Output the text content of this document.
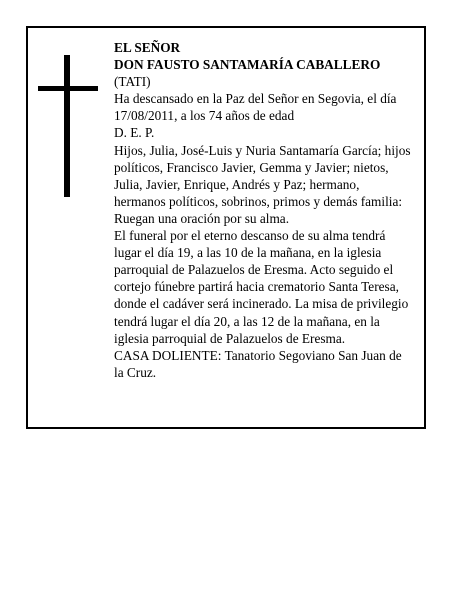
EL SEÑOR

DON FAUSTO SANTAMARÍA CABALLERO

(TATI)

Ha descansado en la Paz del Señor en Segovia, el día 17/08/2011, a los 74 años de edad

D. E. P.

Hijos, Julia, José-Luis y Nuria Santamaría García; hijos políticos, Francisco Javier, Gemma y Javier; nietos, Julia, Javier, Enrique, Andrés y Paz; hermano, hermanos políticos, sobrinos, primos y demás familia:

Ruegan una oración por su alma.

El funeral por el eterno descanso de su alma tendrá lugar el día 19, a las 10 de la mañana, en la iglesia parroquial de Palazuelos de Eresma. Acto seguido el cortejo fúnebre partirá hacia crematorio Santa Teresa, donde el cadáver será incinerado. La misa de privilegio tendrá lugar el día 20, a las 12 de la mañana, en la iglesia parroquial de Palazuelos de Eresma.

CASA DOLIENTE: Tanatorio Segoviano San Juan de la Cruz.
